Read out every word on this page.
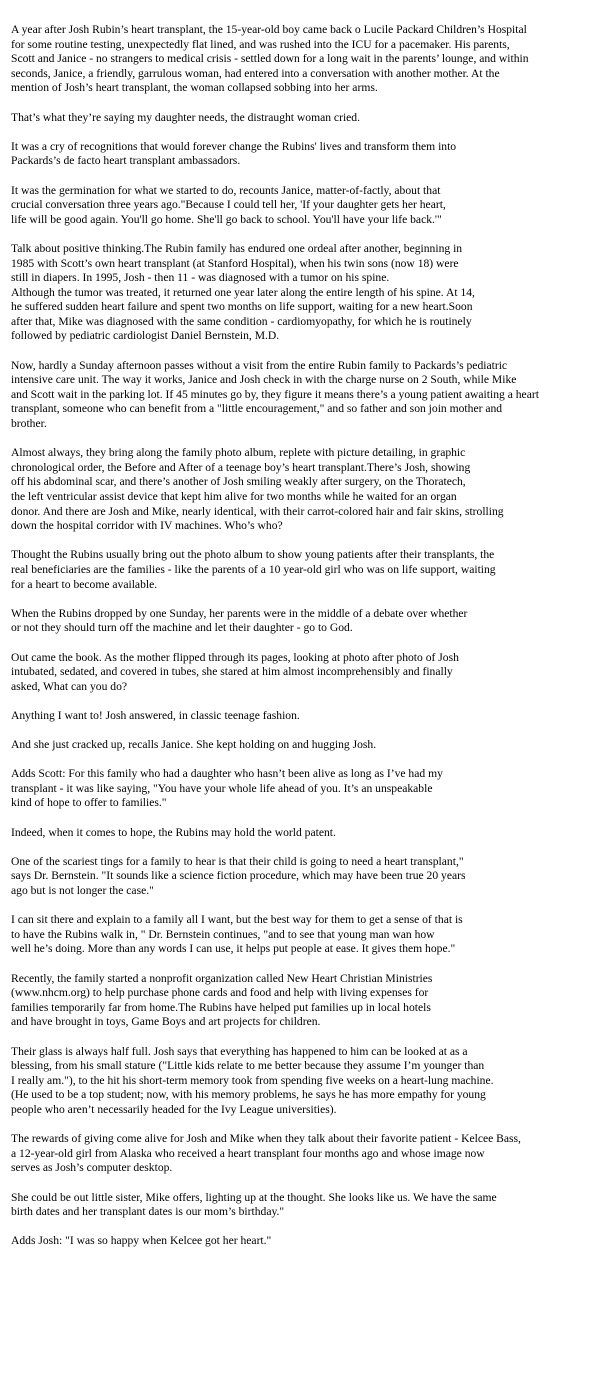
A year after Josh Rubin’s heart transplant, the 15-year-old boy came back o Lucile Packard Children’s Hospital
for some routine testing, unexpectedly flat lined, and was rushed into the ICU for a pacemaker. His parents,
Scott and Janice - no strangers to medical crisis - settled down for a long wait in the parents’ lounge, and within
seconds, Janice, a friendly, garrulous woman, had entered into a conversation with another mother. At the
mention of Josh’s heart transplant, the woman collapsed sobbing into her arms.
That’s what they’re saying my daughter needs, the distraught woman cried.
It was a cry of recognitions that would forever change the Rubins' lives and transform them into
Packards’s de facto heart transplant ambassadors.
It was the germination for what we started to do, recounts Janice, matter-of-factly, about that
crucial conversation three years ago."Because I could tell her, 'If your daughter gets her heart,
life will be good again. You'll go home. She'll go back to school. You'll have your life back.'"
Talk about positive thinking.The Rubin family has endured one ordeal after another, beginning in
1985 with Scott’s own heart transplant (at Stanford Hospital), when his twin sons (now 18) were
still in diapers. In 1995, Josh - then 11 - was diagnosed with a tumor on his spine.
Although the tumor was treated, it returned one year later along the entire length of his spine. At 14,
he suffered sudden heart failure and spent two months on life support, waiting for a new heart.Soon
after that, Mike was diagnosed with the same condition - cardiomyopathy, for which he is routinely
followed by pediatric cardiologist Daniel Bernstein, M.D.
Now, hardly a Sunday afternoon passes without a visit from the entire Rubin family to Packards’s pediatric
intensive care unit. The way it works, Janice and Josh check in with the charge nurse on 2 South, while Mike
and Scott wait in the parking lot. If 45 minutes go by, they figure it means there’s a young patient awaiting a heart
transplant, someone who can benefit from a "little encouragement," and so father and son join mother and
brother.
Almost always, they bring along the family photo album, replete with picture detailing, in graphic
chronological order, the Before and After of a teenage boy’s heart transplant.There’s Josh, showing
off his abdominal scar, and there’s another of Josh smiling weakly after surgery, on the Thoratech,
the left ventricular assist device that kept him alive for two months while he waited for an organ
donor. And there are Josh and Mike, nearly identical, with their carrot-colored hair and fair skins, strolling
down the hospital corridor with IV machines. Who’s who?
Thought the Rubins usually bring out the photo album to show young patients after their transplants, the
real beneficiaries are the families - like the parents of a 10 year-old girl who was on life support, waiting
for a heart to become available.
When the Rubins dropped by one Sunday, her parents were in the middle of a debate over whether
or not they should turn off the machine and let their daughter - go to God.
Out came the book. As the mother flipped through its pages, looking at photo after photo of Josh
intubated, sedated, and covered in tubes, she stared at him almost incomprehensibly and finally
asked, What can you do?
Anything I want to! Josh answered, in classic teenage fashion.
And she just cracked up, recalls Janice. She kept holding on and hugging Josh.
Adds Scott: For this family who had a daughter who hasn’t been alive as long as I’ve had my
transplant - it was like saying, "You have your whole life ahead of you. It’s an unspeakable
kind of hope to offer to families."
Indeed, when it comes to hope, the Rubins may hold the world patent.
One of the scariest tings for a family to hear is that their child is going to need a heart transplant,"
says Dr. Bernstein. "It sounds like a science fiction procedure, which may have been true 20 years
ago but is not longer the case."
I can sit there and explain to a family all I want, but the best way for them to get a sense of that is
to have the Rubins walk in, " Dr. Bernstein continues, "and to see that young man wan how
well he’s doing. More than any words I can use, it helps put people at ease. It gives them hope."
Recently, the family started a nonprofit organization called New Heart Christian Ministries
(www.nhcm.org) to help purchase phone cards and food and help with living expenses for
families temporarily far from home.The Rubins have helped put families up in local hotels
and have brought in toys, Game Boys and art projects for children.
Their glass is always half full. Josh says that everything has happened to him can be looked at as a
blessing, from his small stature ("Little kids relate to me better because they assume I’m younger than
I really am."), to the hit his short-term memory took from spending five weeks on a heart-lung machine.
(He used to be a top student; now, with his memory problems, he says he has more empathy for young
people who aren’t necessarily headed for the Ivy League universities).
The rewards of giving come alive for Josh and Mike when they talk about their favorite patient - Kelcee Bass,
a 12-year-old girl from Alaska who received a heart transplant four months ago and whose image now
serves as Josh’s computer desktop.
She could be out little sister, Mike offers, lighting up at the thought. She looks like us. We have the same
birth dates and her transplant dates is our mom’s birthday."
Adds Josh: "I was so happy when Kelcee got her heart."
